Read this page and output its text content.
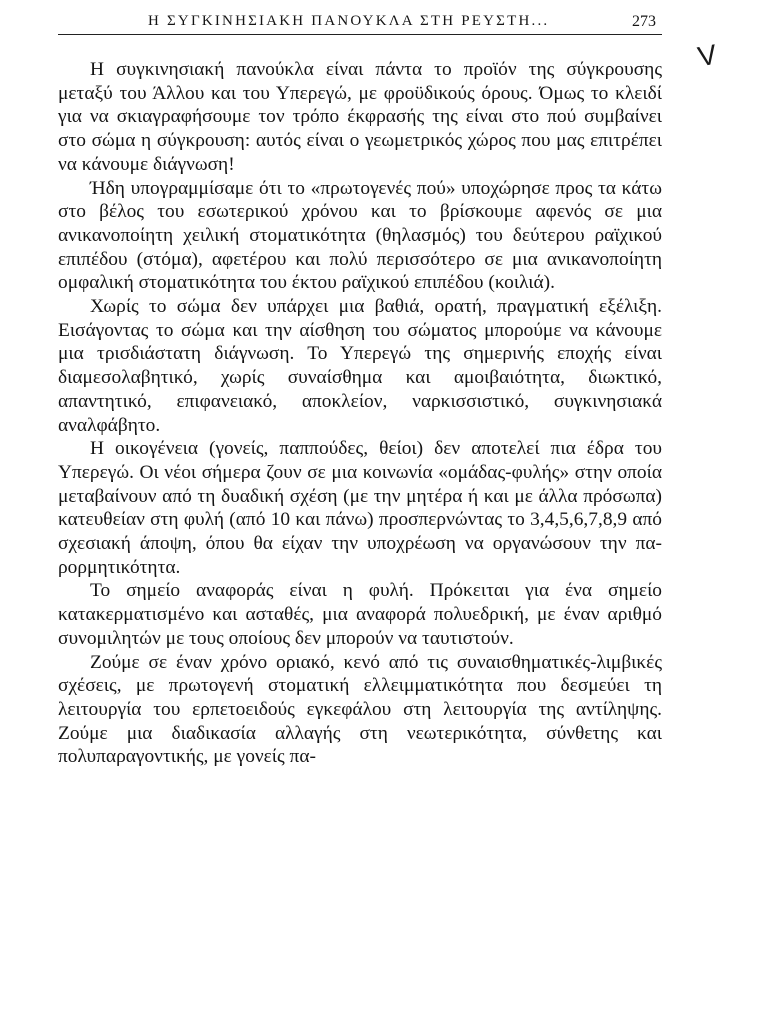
Η ΣΥΓΚΙΝΗΣΙΑΚΗ ΠΑΝΟΥΚΛΑ ΣΤΗ ΡΕΥΣΤΗ...	273
V

Η συγκινησιακή πανούκλα είναι πάντα το προϊόν της σύγκρουσης μεταξύ του Άλλου και του Υπερεγώ, με φροϋδικούς όρους. Όμως το κλειδί για να σκιαγραφήσουμε τον τρόπο έκφρασής της είναι στο πού συμβαίνει στο σώμα η σύγκρουση: αυτός είναι ο γεωμετρικός χώρος που μας επιτρέπει να κάνουμε διάγνωση!

Ήδη υπογραμμίσαμε ότι το «πρωτογενές πού» υποχώρησε προς τα κάτω στο βέλος του εσωτερικού χρόνου και το βρίσκουμε αφενός σε μια ανικανοποίητη χειλική στοματικότητα (θηλασμός) του δεύτερου ραϊχικού επιπέδου (στόμα), αφετέρου και πολύ περισσότερο σε μια ανικανοποίητη ομφαλική στοματικότητα του έκτου ραϊχικού επιπέδου (κοιλιά).

Χωρίς το σώμα δεν υπάρχει μια βαθιά, ορατή, πραγματική εξέλιξη. Εισάγοντας το σώμα και την αίσθηση του σώματος μπορούμε να κάνουμε μια τρισδιάστατη διάγνωση. Το Υπερεγώ της σημερινής εποχής είναι διαμεσολαβητικό, χωρίς συναίσθημα και αμοιβαιότητα, διωκτικό, απαντητικό, επιφανειακό, αποκλείον, ναρκισσιστικό, συγκινησιακά αναλφάβητο.

Η οικογένεια (γονείς, παππούδες, θείοι) δεν αποτελεί πια έδρα του Υπερεγώ. Οι νέοι σήμερα ζουν σε μια κοινωνία «ομάδας-φυλής» στην οποία μεταβαίνουν από τη δυαδική σχέση (με την μητέρα ή και με άλλα πρόσωπα) κατευθείαν στη φυλή (από 10 και πάνω) προσπερνώντας το 3,4,5,6,7,8,9 από σχεσιακή άποψη, όπου θα είχαν την υποχρέωση να οργανώσουν την παρορμητικότητα.

Το σημείο αναφοράς είναι η φυλή. Πρόκειται για ένα σημείο κατακερματισμένο και ασταθές, μια αναφορά πολυεδρική, με έναν αριθμό συνομιλητών με τους οποίους δεν μπορούν να ταυτιστούν.

Ζούμε σε έναν χρόνο οριακό, κενό από τις συναισθηματικές-λιμβικές σχέσεις, με πρωτογενή στοματική ελλειμματικότητα που δεσμεύει τη λειτουργία του ερπετοειδούς εγκεφάλου στη λειτουργία της αντίληψης. Ζούμε μια διαδικασία αλλαγής στη νεωτερικότητα, σύνθετης και πολυπαραγοντικής, με γονείς πα-
